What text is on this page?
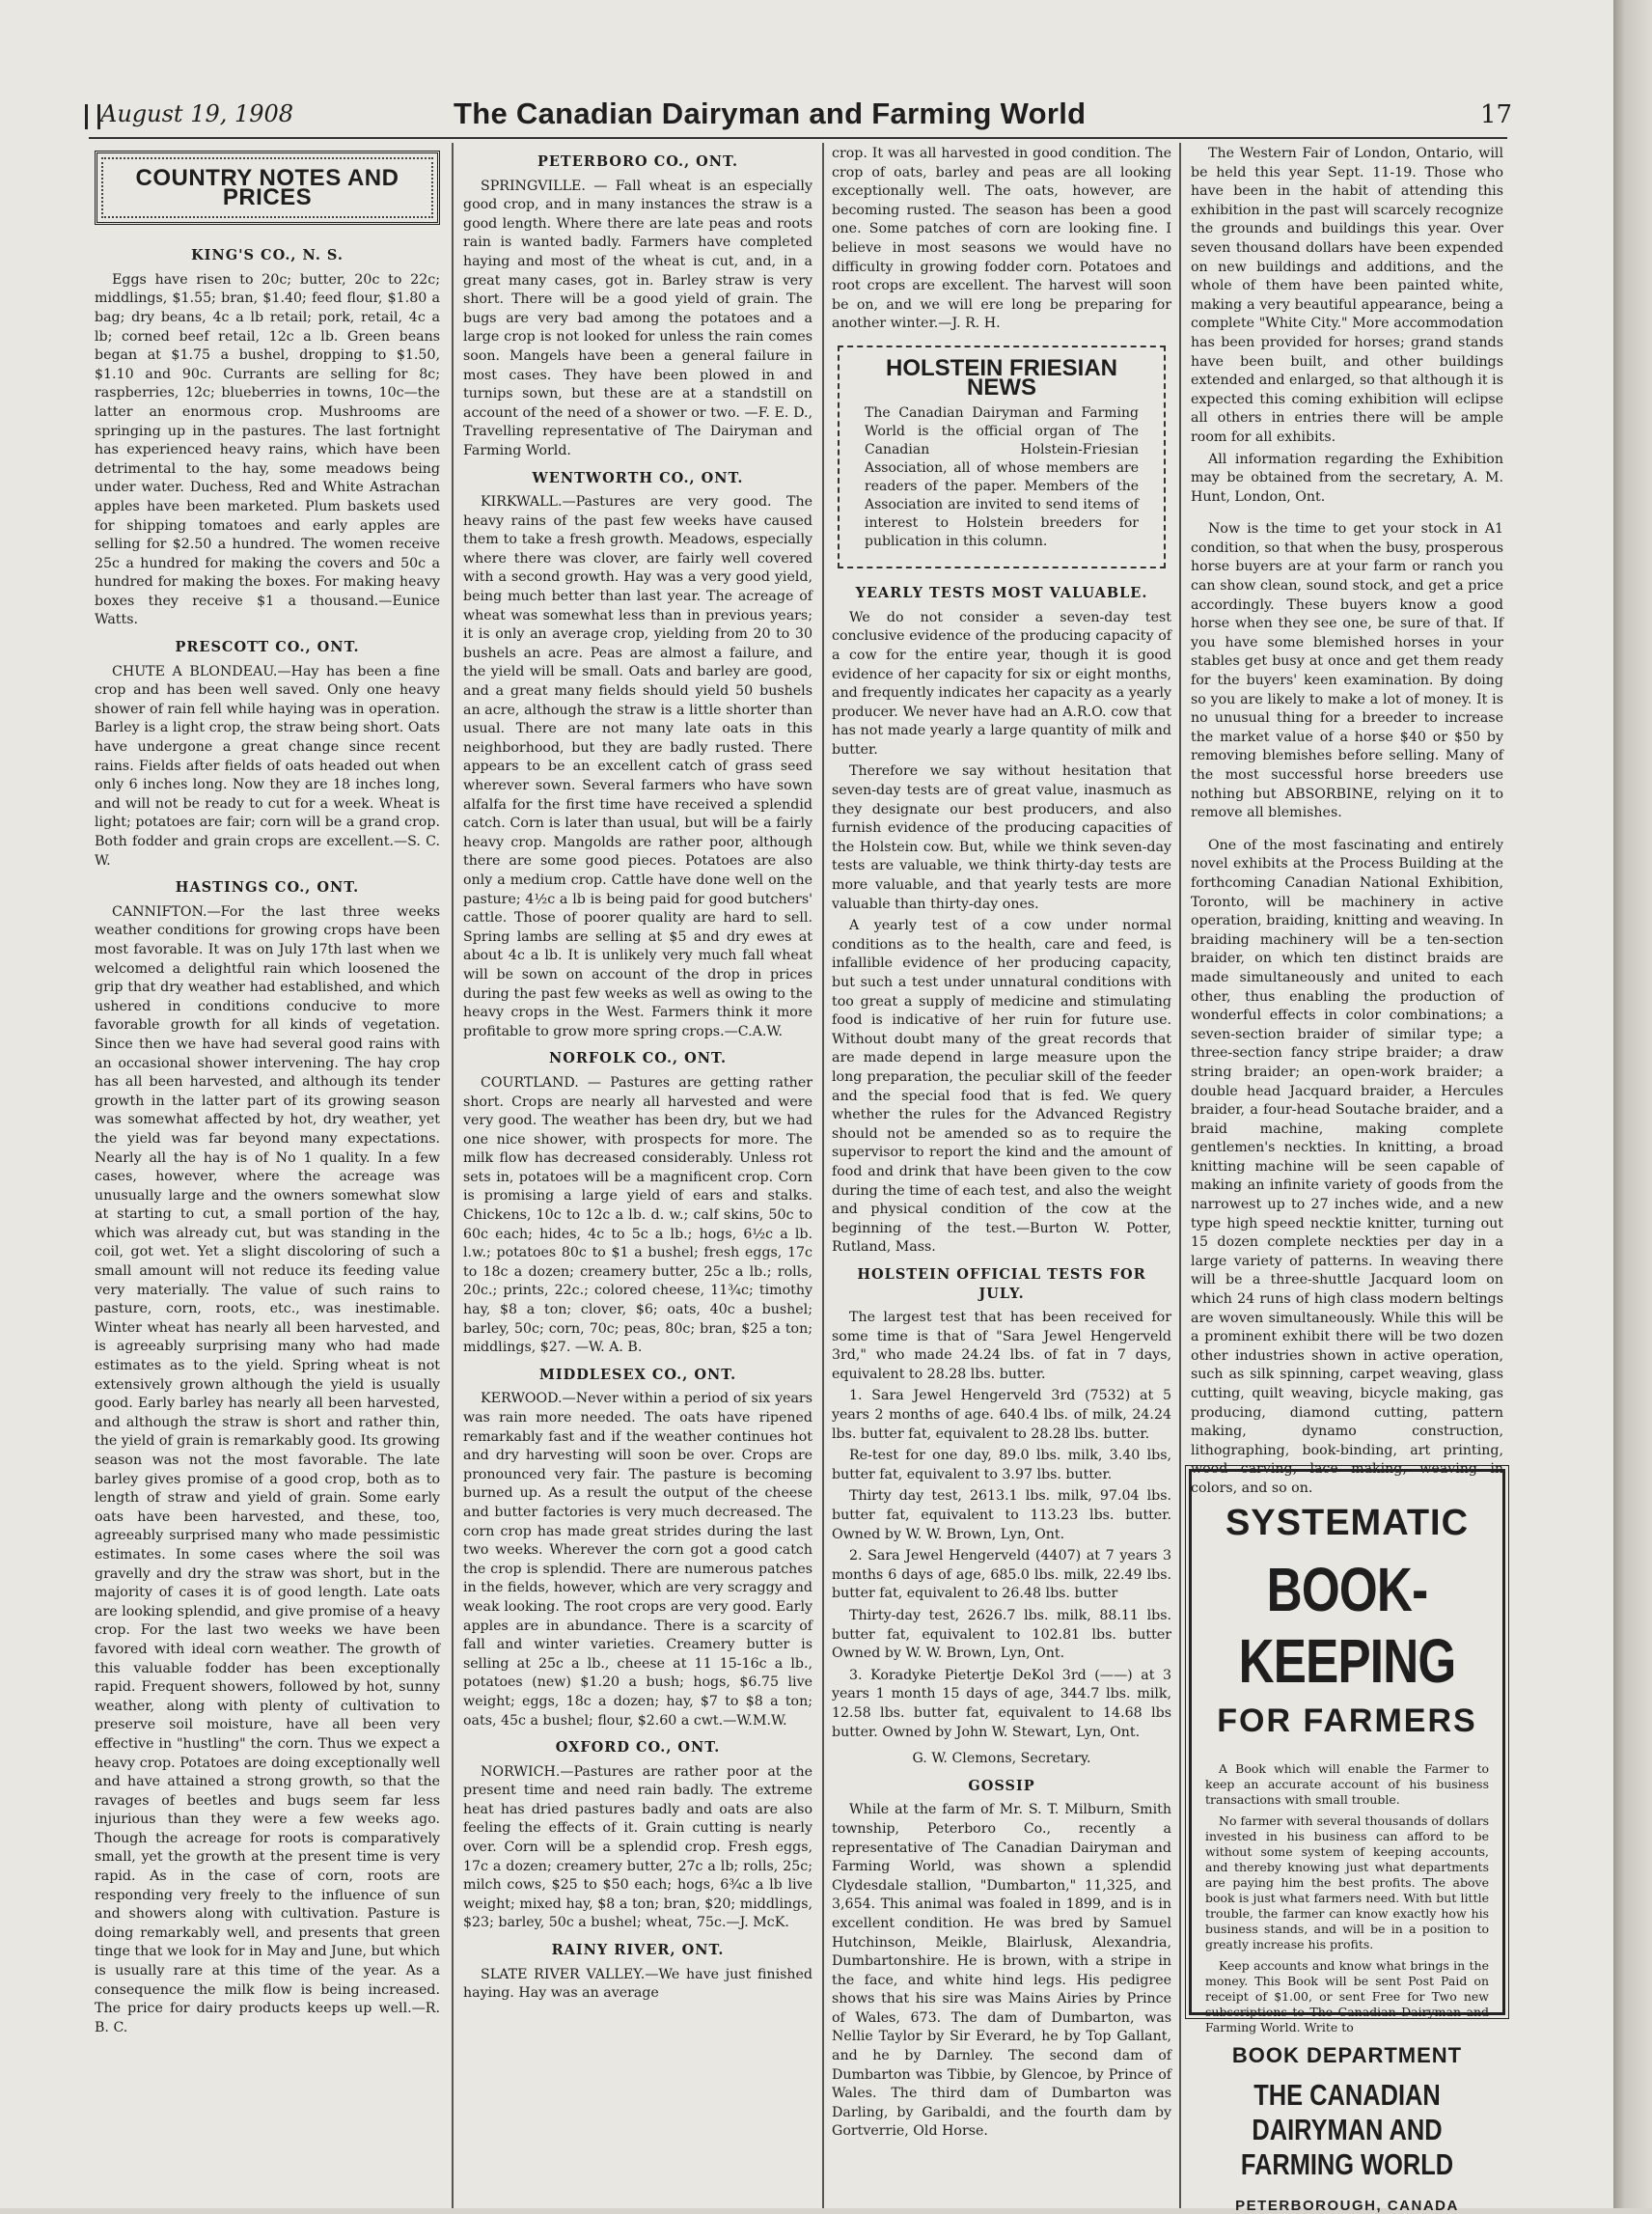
August 19, 1908	The Canadian Dairyman and Farming World	17
COUNTRY NOTES AND PRICES
KING'S CO., N. S.

Eggs have risen to 20c; butter, 20c to 22c; middlings, $1.55; bran, $1.40; feed flour, $1.80 a bag; dry beans, 4c a lb retail; pork, retail, 4c a lb; corned beef retail, 12c a lb. Green beans began at $1.75 a bushel, dropping to $1.50, $1.10 and 90c. Currants are selling for 8c; raspberries, 12c; blueberries in towns, 10c—the latter an enormous crop. Mushrooms are springing up in the pastures. The last fortnight has experienced heavy rains, which have been detrimental to the hay, some meadows being under water. Duchess, Red and White Astrachan apples have been marketed. Plum baskets used for shipping tomatoes and early apples are selling for $2.50 a hundred. The women receive 25c a hundred for making the covers and 50c a hundred for making the boxes. For making heavy boxes they receive $1 a thousand.—Eunice Watts.

PRESCOTT CO., ONT.

CHUTE A BLONDEAU.—Hay has been a fine crop and has been well saved. Only one heavy shower of rain fell while haying was in operation. Barley is a light crop, the straw being short. Oats have undergone a great change since recent rains. Fields after fields of oats headed out when only 6 inches long. Now they are 18 inches long, and will not be ready to cut for a week. Wheat is light; potatoes are fair; corn will be a grand crop. Both fodder and grain crops are excellent.—S. C. W.

HASTINGS CO., ONT.

CANNIFTON.—For the last three weeks weather conditions for growing crops have been most favorable. It was on July 17th last when we welcomed a delightful rain which loosened the grip that dry weather had established, and which ushered in conditions conducive to more favorable growth for all kinds of vegetation. Since then we have had several good rains with an occasional shower intervening. The hay crop has all been harvested, and although its tender growth in the latter part of its growing season was somewhat affected by hot, dry weather, yet the yield was far beyond many expectations. Nearly all the hay is of No 1 quality. In a few cases, however, where the acreage was unusually large and the owners somewhat slow at starting to cut, a small portion of the hay, which was already cut, but was standing in the coil, got wet. Yet a slight discoloring of such a small amount will not reduce its feeding value very materially. The value of such rains to pasture, corn, roots, etc., was inestimable. Winter wheat has nearly all been harvested, and is agreeably surprising many who had made estimates as to the yield. Spring wheat is not extensively grown although the yield is usually good. Early barley has nearly all been harvested, and although the straw is short and rather thin, the yield of grain is remarkably good. Its growing season was not the most favorable. The late barley gives promise of a good crop, both as to length of straw and yield of grain. Some early oats have been harvested, and these, too, agreeably surprised many who made pessimistic estimates. In some cases where the soil was gravelly and dry the straw was short, but in the majority of cases it is of good length. Late oats are looking splendid, and give promise of a heavy crop. For the last two weeks we have been favored with ideal corn weather. The growth of this valuable fodder has been exceptionally rapid. Frequent showers, followed by hot, sunny weather, along with plenty of cultivation to preserve soil moisture, have all been very effective in "hustling" the corn. Thus we expect a heavy crop. Potatoes are doing exceptionally well and have attained a strong growth, so that the ravages of beetles and bugs seem far less injurious than they were a few weeks ago. Though the acreage for roots is comparatively small, yet the growth at the present time is very rapid. As in the case of corn, roots are responding very freely to the influence of sun and showers along with cultivation. Pasture is doing remarkably well, and presents that green tinge that we look for in May and June, but which is usually rare at this time of the year. As a consequence the milk flow is being increased. The price for dairy products keeps up well.—R. B. C.

PETERBORO CO., ONT.

SPRINGVILLE. — Fall wheat is an especially good crop, and in many instances the straw is a good length. Where there are late peas and roots rain is wanted badly. Farmers have completed haying and most of the wheat is cut, and, in a great many cases, got in. Barley straw is very short. There will be a good yield of grain. The bugs are very bad among the potatoes and a large crop is not looked for unless the rain comes soon. Mangels have been a general failure in most cases. They have been plowed in and turnips sown, but these are at a standstill on account of the need of a shower or two. —F. E. D., Travelling representative of The Dairyman and Farming World.

WENTWORTH CO., ONT.

KIRKWALL.—Pastures are very good. The heavy rains of the past few weeks have caused them to take a fresh growth. Meadows, especially where there was clover, are fairly well covered with a second growth. Hay was a very good yield, being much better than last year. The acreage of wheat was somewhat less than in previous years; it is only an average crop, yielding from 20 to 30 bushels an acre. Peas are almost a failure, and the yield will be small. Oats and barley are good, and a great many fields should yield 50 bushels an acre, although the straw is a little shorter than usual. There are not many late oats in this neighborhood, but they are badly rusted. There appears to be an excellent catch of grass seed wherever sown. Several farmers who have sown alfalfa for the first time have received a splendid catch. Corn is later than usual, but will be a fairly heavy crop. Mangolds are rather poor, although there are some good pieces. Potatoes are also only a medium crop. Cattle have done well on the pasture; 4½c a lb is being paid for good butchers' cattle. Those of poorer quality are hard to sell. Spring lambs are selling at $5 and dry ewes at about 4c a lb. It is unlikely very much fall wheat will be sown on account of the drop in prices during the past few weeks as well as owing to the heavy crops in the West. Farmers think it more profitable to grow more spring crops.—C.A.W.

NORFOLK CO., ONT.

COURTLAND. — Pastures are getting rather short. Crops are nearly all harvested and were very good. The weather has been dry, but we had one nice shower, with prospects for more. The milk flow has decreased considerably. Unless rot sets in, potatoes will be a magnificent crop. Corn is promising a large yield of ears and stalks. Chickens, 10c to 12c a lb. d. w.; calf skins, 50c to 60c each; hides, 4c to 5c a lb.; hogs, 6½c a lb. l.w.; potatoes 80c to $1 a bushel; fresh eggs, 17c to 18c a dozen; creamery butter, 25c a lb.; rolls, 20c.; prints, 22c.; colored cheese, 11¾c; timothy hay, $8 a ton; clover, $6; oats, 40c a bushel; barley, 50c; corn, 70c; peas, 80c; bran, $25 a ton; middlings, $27. —W. A. B.

MIDDLESEX CO., ONT.

KERWOOD.—Never within a period of six years was rain more needed. The oats have ripened remarkably fast and if the weather continues hot and dry harvesting will soon be over. Crops are pronounced very fair. The pasture is becoming burned up. As a result the output of the cheese and butter factories is very much decreased. The corn crop has made great strides during the last two weeks. Wherever the corn got a good catch the crop is splendid. There are numerous patches in the fields, however, which are very scraggy and weak looking. The root crops are very good. Early apples are in abundance. There is a scarcity of fall and winter varieties. Creamery butter is selling at 25c a lb., cheese at 11 15-16c a lb., potatoes (new) $1.20 a bush; hogs, $6.75 live weight; eggs, 18c a dozen; hay, $7 to $8 a ton; oats, 45c a bushel; flour, $2.60 a cwt.—W.M.W.

OXFORD CO., ONT.

NORWICH.—Pastures are rather poor at the present time and need rain badly. The extreme heat has dried pastures badly and oats are also feeling the effects of it. Grain cutting is nearly over. Corn will be a splendid crop. Fresh eggs, 17c a dozen; creamery butter, 27c a lb; rolls, 25c; milch cows, $25 to $50 each; hogs, 6¾c a lb live weight; mixed hay, $8 a ton; bran, $20; middlings, $23; barley, 50c a bushel; wheat, 75c.—J. McK.

RAINY RIVER, ONT.

SLATE RIVER VALLEY.—We have just finished haying. Hay was an average

crop. It was all harvested in good condition. The crop of oats, barley and peas are all looking exceptionally well. The oats, however, are becoming rusted. The season has been a good one. Some patches of corn are looking fine. I believe in most seasons we would have no difficulty in growing fodder corn. Potatoes and root crops are excellent. The harvest will soon be on, and we will ere long be preparing for another winter.—J. R. H.

HOLSTEIN FRIESIAN NEWS
The Canadian Dairyman and Farming World is the official organ of The Canadian Holstein-Friesian Association, all of whose members are readers of the paper. Members of the Association are invited to send items of interest to Holstein breeders for publication in this column.
YEARLY TESTS MOST VALUABLE.

We do not consider a seven-day test conclusive evidence of the producing capacity of a cow for the entire year, though it is good evidence of her capacity for six or eight months, and frequently indicates her capacity as a yearly producer. We never have had an A.R.O. cow that has not made yearly a large quantity of milk and butter.

Therefore we say without hesitation that seven-day tests are of great value, inasmuch as they designate our best producers, and also furnish evidence of the producing capacities of the Holstein cow. But, while we think seven-day tests are valuable, we think thirty-day tests are more valuable, and that yearly tests are more valuable than thirty-day ones.

A yearly test of a cow under normal conditions as to the health, care and feed, is infallible evidence of her producing capacity, but such a test under unnatural conditions with too great a supply of medicine and stimulating food is indicative of her ruin for future use. Without doubt many of the great records that are made depend in large measure upon the long preparation, the peculiar skill of the feeder and the special food that is fed. We query whether the rules for the Advanced Registry should not be amended so as to require the supervisor to report the kind and the amount of food and drink that have been given to the cow during the time of each test, and also the weight and physical condition of the cow at the beginning of the test.—Burton W. Potter, Rutland, Mass.

HOLSTEIN OFFICIAL TESTS FOR JULY.

The largest test that has been received for some time is that of "Sara Jewel Hengerveld 3rd," who made 24.24 lbs. of fat in 7 days, equivalent to 28.28 lbs. butter.

1. Sara Jewel Hengerveld 3rd (7532) at 5 years 2 months of age. 640.4 lbs. of milk, 24.24 lbs. butter fat, equivalent to 28.28 lbs. butter.

Re-test for one day, 89.0 lbs. milk, 3.40 lbs, butter fat, equivalent to 3.97 lbs. butter.

Thirty day test, 2613.1 lbs. milk, 97.04 lbs. butter fat, equivalent to 113.23 lbs. butter. Owned by W. W. Brown, Lyn, Ont.

2. Sara Jewel Hengerveld (4407) at 7 years 3 months 6 days of age, 685.0 lbs. milk, 22.49 lbs. butter fat, equivalent to 26.48 lbs. butter

Thirty-day test, 2626.7 lbs. milk, 88.11 lbs. butter fat, equivalent to 102.81 lbs. butter Owned by W. W. Brown, Lyn, Ont.

3. Koradyke Pietertje DeKol 3rd (——) at 3 years 1 month 15 days of age, 344.7 lbs. milk, 12.58 lbs. butter fat, equivalent to 14.68 lbs butter. Owned by John W. Stewart, Lyn, Ont.

G. W. Clemons, Secretary.
GOSSIP

While at the farm of Mr. S. T. Milburn, Smith township, Peterboro Co., recently a representative of The Canadian Dairyman and Farming World, was shown a splendid Clydesdale stallion, "Dumbarton," 11,325, and 3,654. This animal was foaled in 1899, and is in excellent condition. He was bred by Samuel Hutchinson, Meikle, Blairlusk, Alexandria, Dumbartonshire. He is brown, with a stripe in the face, and white hind legs. His pedigree shows that his sire was Mains Airies by Prince of Wales, 673. The dam of Dumbarton, was Nellie Taylor by Sir Everard, he by Top Gallant, and he by Darnley. The second dam of Dumbarton was Tibbie, by Glencoe, by Prince of Wales. The third dam of Dumbarton was Darling, by Garibaldi, and the fourth dam by Gortverrie, Old Horse.

The Western Fair of London, Ontario, will be held this year Sept. 11-19. Those who have been in the habit of attending this exhibition in the past will scarcely recognize the grounds and buildings this year. Over seven thousand dollars have been expended on new buildings and additions, and the whole of them have been painted white, making a very beautiful appearance, being a complete "White City." More accommodation has been provided for horses; grand stands have been built, and other buildings extended and enlarged, so that although it is expected this coming exhibition will eclipse all others in entries there will be ample room for all exhibits.

All information regarding the Exhibition may be obtained from the secretary, A. M. Hunt, London, Ont.

Now is the time to get your stock in A1 condition, so that when the busy, prosperous horse buyers are at your farm or ranch you can show clean, sound stock, and get a price accordingly. These buyers know a good horse when they see one, be sure of that. If you have some blemished horses in your stables get busy at once and get them ready for the buyers' keen examination. By doing so you are likely to make a lot of money. It is no unusual thing for a breeder to increase the market value of a horse $40 or $50 by removing blemishes before selling. Many of the most successful horse breeders use nothing but ABSORBINE, relying on it to remove all blemishes.

One of the most fascinating and entirely novel exhibits at the Process Building at the forthcoming Canadian National Exhibition, Toronto, will be machinery in active operation, braiding, knitting and weaving. In braiding machinery will be a ten-section braider, on which ten distinct braids are made simultaneously and united to each other, thus enabling the production of wonderful effects in color combinations; a seven-section braider of similar type; a three-section fancy stripe braider; a draw string braider; an open-work braider; a double head Jacquard braider, a Hercules braider, a four-head Soutache braider, and a braid machine, making complete gentlemen's neckties. In knitting, a broad knitting machine will be seen capable of making an infinite variety of goods from the narrowest up to 27 inches wide, and a new type high speed necktie knitter, turning out 15 dozen complete neckties per day in a large variety of patterns. In weaving there will be a three-shuttle Jacquard loom on which 24 runs of high class modern beltings are woven simultaneously. While this will be a prominent exhibit there will be two dozen other industries shown in active operation, such as silk spinning, carpet weaving, glass cutting, quilt weaving, bicycle making, gas producing, diamond cutting, pattern making, dynamo construction, lithographing, book-binding, art printing, wood carving, lace making, weaving in colors, and so on.

SYSTEMATIC
BOOK-KEEPING
FOR FARMERS

A Book which will enable the Farmer to keep an accurate account of his business transactions with small trouble.

No farmer with several thousands of dollars invested in his business can afford to be without some system of keeping accounts, and thereby knowing just what departments are paying him the best profits. The above book is just what farmers need. With but little trouble, the farmer can know exactly how his business stands, and will be in a position to greatly increase his profits.

Keep accounts and know what brings in the money. This Book will be sent Post Paid on receipt of $1.00, or sent Free for Two new subscriptions to The Canadian Dairyman and Farming World. Write to

BOOK DEPARTMENT
THE CANADIAN DAIRYMAN AND FARMING WORLD
PETERBOROUGH, CANADA
